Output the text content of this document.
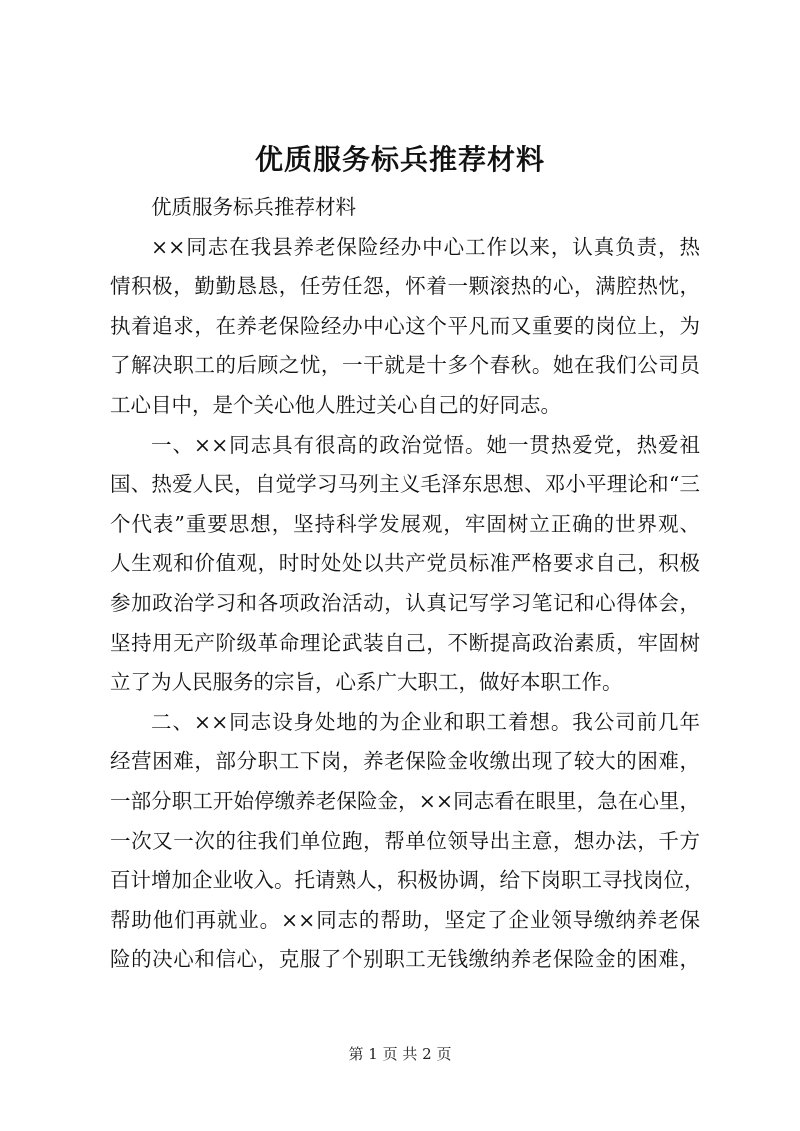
优质服务标兵推荐材料
优质服务标兵推荐材料
××同志在我县养老保险经办中心工作以来，认真负责，热
情积极，勤勤恳恳，任劳任怨，怀着一颗滚热的心，满腔热忱，
执着追求，在养老保险经办中心这个平凡而又重要的岗位上，为
了解决职工的后顾之忧，一干就是十多个春秋。她在我们公司员
工心目中，是个关心他人胜过关心自己的好同志。
一、××同志具有很高的政治觉悟。她一贯热爱党，热爱祖
国、热爱人民，自觉学习马列主义毛泽东思想、邓小平理论和“三
个代表”重要思想，坚持科学发展观，牢固树立正确的世界观、
人生观和价值观，时时处处以共产党员标准严格要求自己，积极
参加政治学习和各项政治活动，认真记写学习笔记和心得体会，
坚持用无产阶级革命理论武装自己，不断提高政治素质，牢固树
立了为人民服务的宗旨，心系广大职工，做好本职工作。
二、××同志设身处地的为企业和职工着想。我公司前几年
经营困难，部分职工下岗，养老保险金收缴出现了较大的困难，
一部分职工开始停缴养老保险金，××同志看在眼里，急在心里，
一次又一次的往我们单位跑，帮单位领导出主意，想办法，千方
百计增加企业收入。托请熟人，积极协调，给下岗职工寻找岗位，
帮助他们再就业。××同志的帮助，坚定了企业领导缴纳养老保
险的决心和信心，克服了个别职工无钱缴纳养老保险金的困难，
第 1 页 共 2 页
